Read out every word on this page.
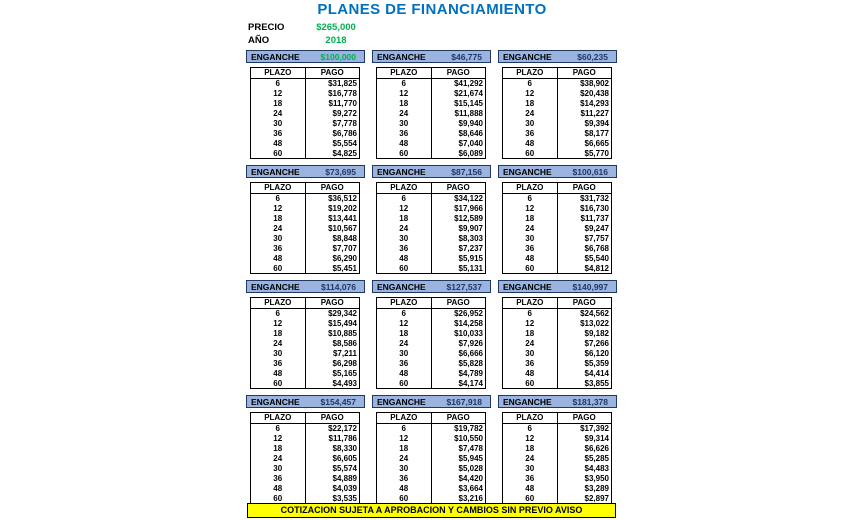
PLANES DE FINANCIAMIENTO
PRECIO	$265,000
AÑO	2018
ENGANCHE $100,000
PLAZO	PAGO
6	$31,825
12	$16,778
18	$11,770
24	$9,272
30	$7,778
36	$6,786
48	$5,554
60	$4,825
ENGANCHE	$46,775
PLAZO	PAGO
6	$41,292
12	$21,674
18	$15,145
24	$11,888
30	$9,940
36	$8,646
48	$7,040
60	$6,089
ENGANCHE	$60,235
PLAZO	PAGO
6	$38,902
12	$20,438
18	$14,293
24	$11,227
30	$9,394
36	$8,177
48	$6,665
60	$5,770
ENGANCHE	$73,695
PLAZO	PAGO
6	$36,512
12	$19,202
18	$13,441
24	$10,567
30	$8,848
36	$7,707
48	$6,290
60	$5,451
ENGANCHE	$87,156
PLAZO	PAGO
6	$34,122
12	$17,966
18	$12,589
24	$9,907
30	$8,303
36	$7,237
48	$5,915
60	$5,131
ENGANCHE $100,616
PLAZO	PAGO
6	$31,732
12	$16,730
18	$11,737
24	$9,247
30	$7,757
36	$6,768
48	$5,540
60	$4,812
ENGANCHE	$114,076
PLAZO	PAGO
6	$29,342
12	$15,494
18	$10,885
24	$8,586
30	$7,211
36	$6,298
48	$5,165
60	$4,493
ENGANCHE $127,537
PLAZO	PAGO
6	$26,952
12	$14,258
18	$10,033
24	$7,926
30	$6,666
36	$5,828
48	$4,789
60	$4,174
ENGANCHE $140,997
PLAZO	PAGO
6	$24,562
12	$13,022
18	$9,182
24	$7,266
30	$6,120
36	$5,359
48	$4,414
60	$3,855
ENGANCHE $154,457
PLAZO	PAGO
6	$22,172
12	$11,786
18	$8,330
24	$6,605
30	$5,574
36	$4,889
48	$4,039
60	$3,535
ENGANCHE $167,918
PLAZO	PAGO
6	$19,782
12	$10,550
18	$7,478
24	$5,945
30	$5,028
36	$4,420
48	$3,664
60	$3,216
ENGANCHE $181,378
PLAZO	PAGO
6	$17,392
12	$9,314
18	$6,626
24	$5,285
30	$4,483
36	$3,950
48	$3,289
60	$2,897
COTIZACION SUJETA A APROBACION Y CAMBIOS SIN PREVIO AVISO
